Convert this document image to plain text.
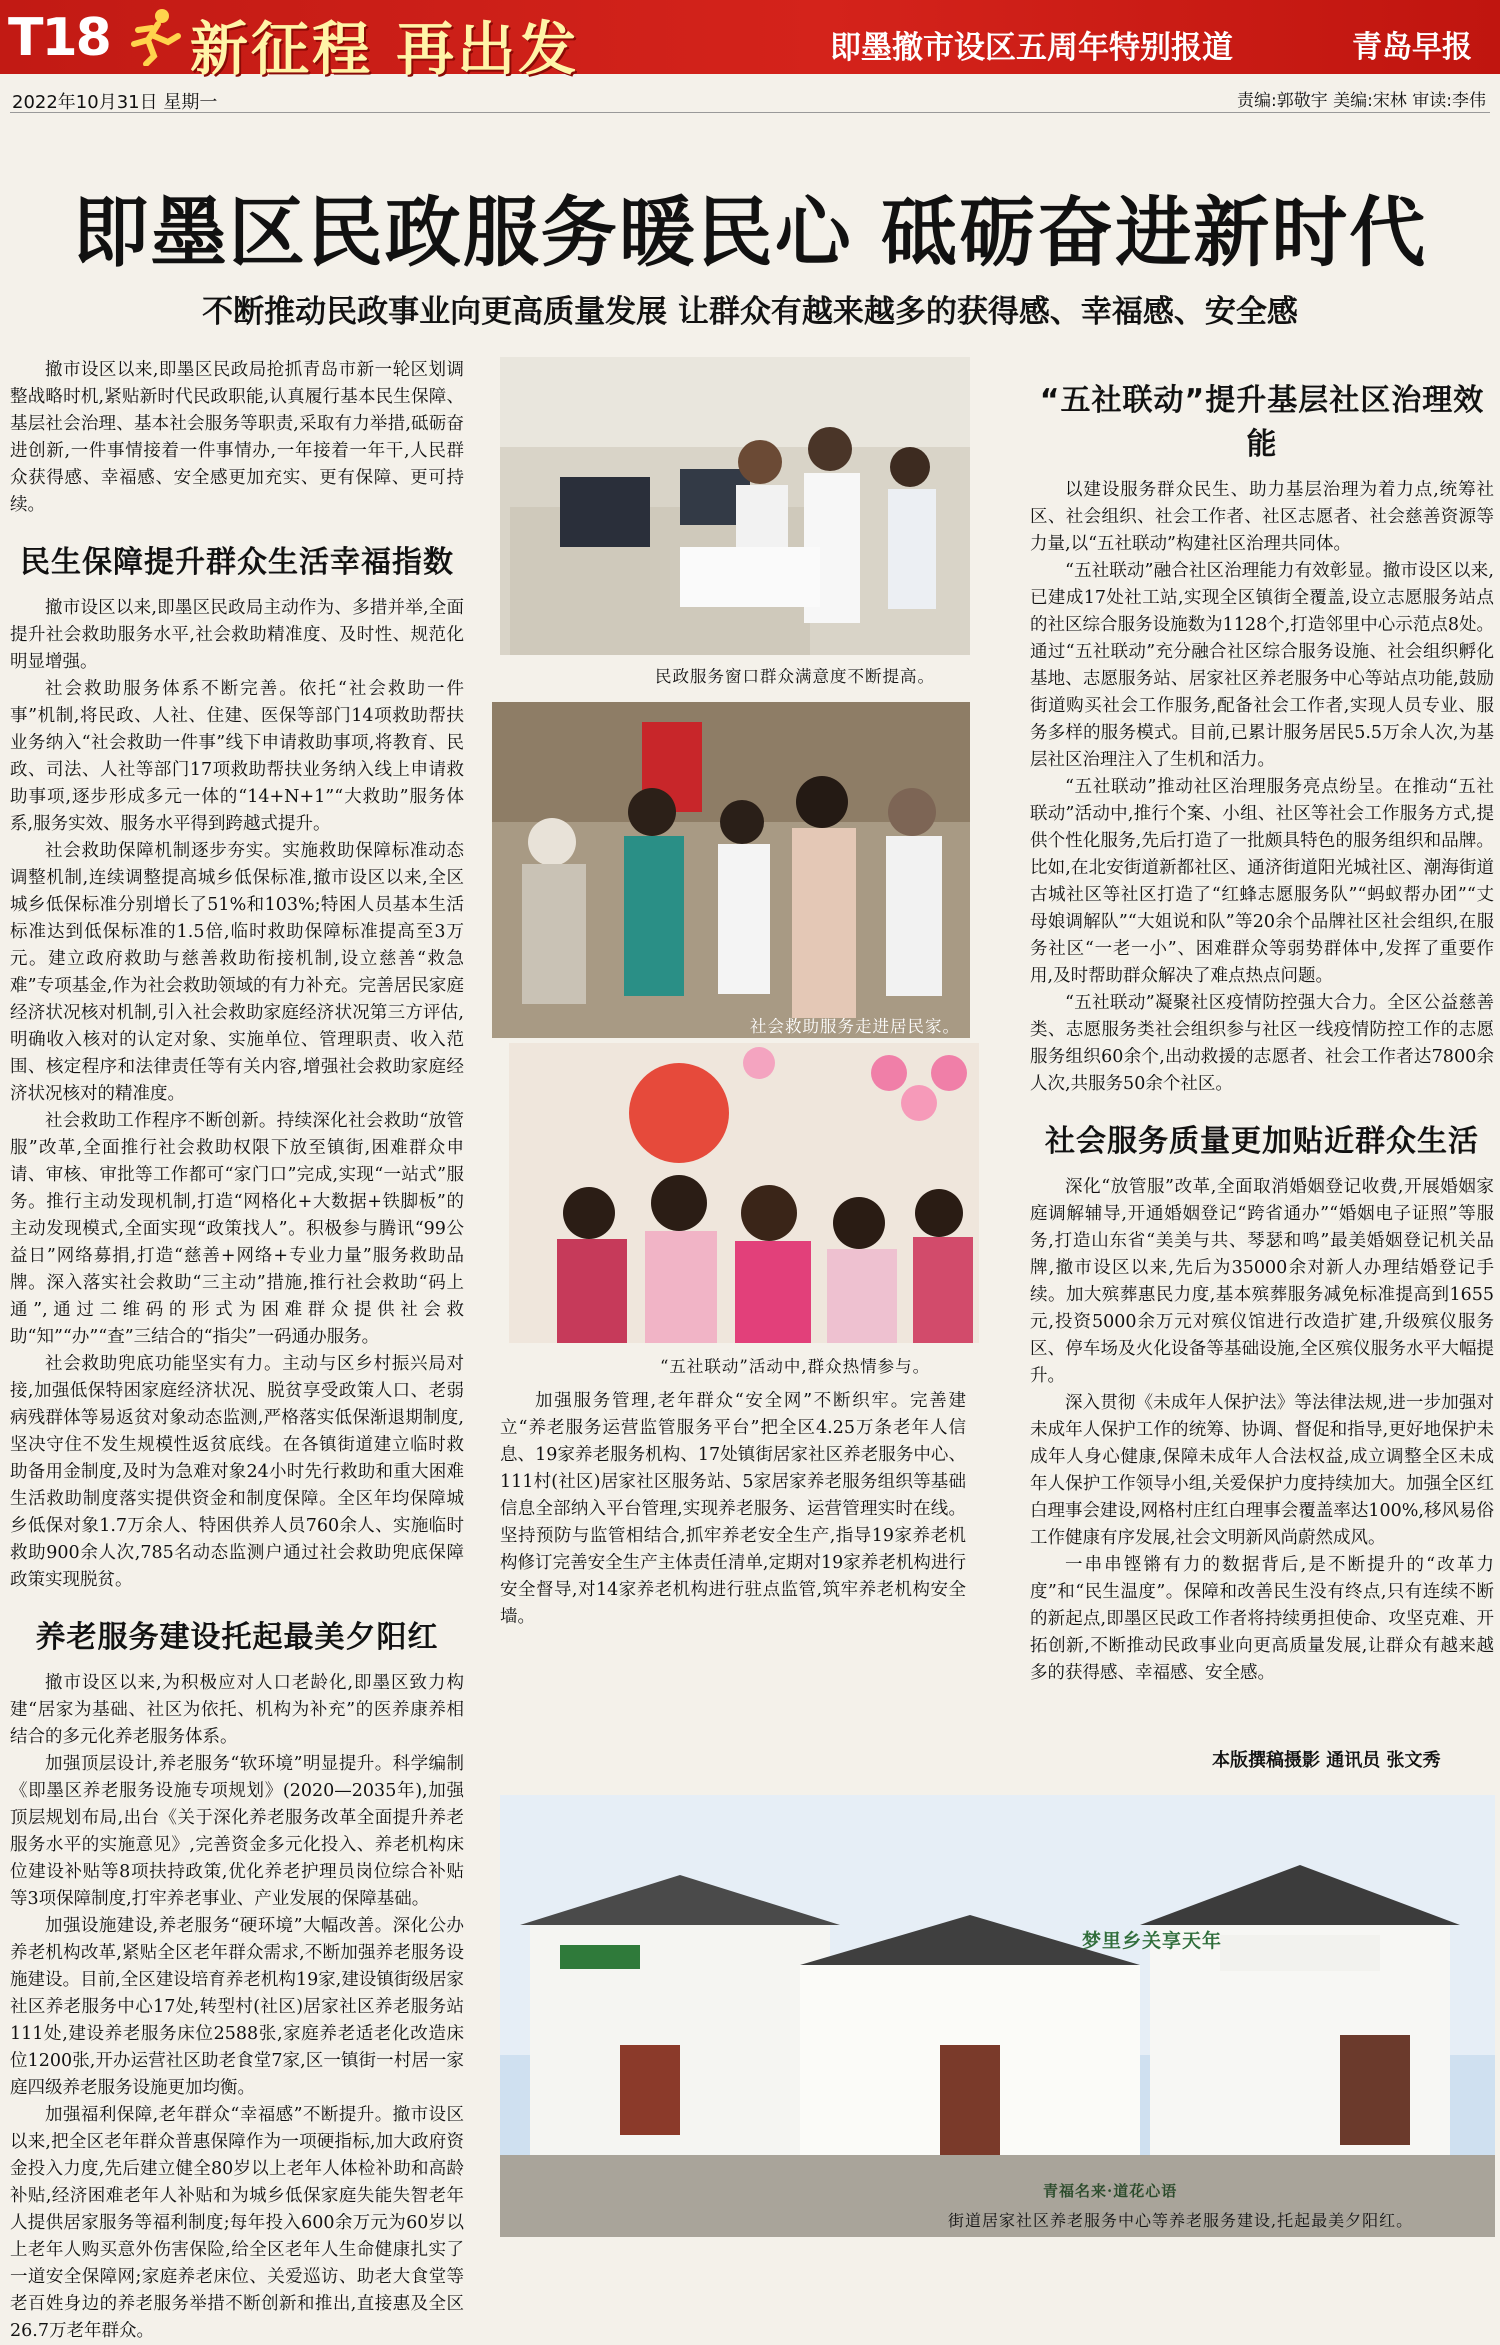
T18 新征程 再出发	即墨撤市设区五周年特别报道	青岛早报
2022年10月31日 星期一	责编:郭敬宇 美编:宋林 审读:李伟
即墨区民政服务暖民心 砥砺奋进新时代
不断推动民政事业向更高质量发展 让群众有越来越多的获得感、幸福感、安全感

撤市设区以来,即墨区民政局抢抓青岛市新一轮区划调整战略时机,紧贴新时代民政职能,认真履行基本民生保障、基层社会治理、基本社会服务等职责,采取有力举措,砥砺奋进创新,一件事情接着一件事情办,一年接着一年干,人民群众获得感、幸福感、安全感更加充实、更有保障、更可持续。

民生保障提升群众生活幸福指数

撤市设区以来,即墨区民政局主动作为、多措并举,全面提升社会救助服务水平,社会救助精准度、及时性、规范化明显增强。

社会救助服务体系不断完善。依托“社会救助一件事”机制,将民政、人社、住建、医保等部门14项救助帮扶业务纳入“社会救助一件事”线下申请救助事项,将教育、民政、司法、人社等部门17项救助帮扶业务纳入线上申请救助事项,逐步形成多元一体的“14+N+1”“大救助”服务体系,服务实效、服务水平得到跨越式提升。

社会救助保障机制逐步夯实。实施救助保障标准动态调整机制,连续调整提高城乡低保标准,撤市设区以来,全区城乡低保标准分别增长了51%和103%;特困人员基本生活标准达到低保标准的1.5倍,临时救助保障标准提高至3万元。建立政府救助与慈善救助衔接机制,设立慈善“救急难”专项基金,作为社会救助领域的有力补充。完善居民家庭经济状况核对机制,引入社会救助家庭经济状况第三方评估,明确收入核对的认定对象、实施单位、管理职责、收入范围、核定程序和法律责任等有关内容,增强社会救助家庭经济状况核对的精准度。

社会救助工作程序不断创新。持续深化社会救助“放管服”改革,全面推行社会救助权限下放至镇街,困难群众申请、审核、审批等工作都可“家门口”完成,实现“一站式”服务。推行主动发现机制,打造“网格化+大数据+铁脚板”的主动发现模式,全面实现“政策找人”。积极参与腾讯“99公益日”网络募捐,打造“慈善+网络+专业力量”服务救助品牌。深入落实社会救助“三主动”措施,推行社会救助“码上通”,通过二维码的形式为困难群众提供社会救助“知”“办”“查”三结合的“指尖”一码通办服务。

社会救助兜底功能坚实有力。主动与区乡村振兴局对接,加强低保特困家庭经济状况、脱贫享受政策人口、老弱病残群体等易返贫对象动态监测,严格落实低保渐退期制度,坚决守住不发生规模性返贫底线。在各镇街道建立临时救助备用金制度,及时为急难对象24小时先行救助和重大困难生活救助制度落实提供资金和制度保障。全区年均保障城乡低保对象1.7万余人、特困供养人员760余人、实施临时救助900余人次,785名动态监测户通过社会救助兜底保障政策实现脱贫。

养老服务建设托起最美夕阳红

撤市设区以来,为积极应对人口老龄化,即墨区致力构建“居家为基础、社区为依托、机构为补充”的医养康养相结合的多元化养老服务体系。

加强顶层设计,养老服务“软环境”明显提升。科学编制《即墨区养老服务设施专项规划》(2020—2035年),加强顶层规划布局,出台《关于深化养老服务改革全面提升养老服务水平的实施意见》,完善资金多元化投入、养老机构床位建设补贴等8项扶持政策,优化养老护理员岗位综合补贴等3项保障制度,打牢养老事业、产业发展的保障基础。

加强设施建设,养老服务“硬环境”大幅改善。深化公办养老机构改革,紧贴全区老年群众需求,不断加强养老服务设施建设。目前,全区建设培育养老机构19家,建设镇街级居家社区养老服务中心17处,转型村(社区)居家社区养老服务站111处,建设养老服务床位2588张,家庭养老适老化改造床位1200张,开办运营社区助老食堂7家,区一镇街一村居一家庭四级养老服务设施更加均衡。

加强福利保障,老年群众“幸福感”不断提升。撤市设区以来,把全区老年群众普惠保障作为一项硬指标,加大政府资金投入力度,先后建立健全80岁以上老年人体检补助和高龄补贴,经济困难老年人补贴和为城乡低保家庭失能失智老年人提供居家服务等福利制度;每年投入600余万元为60岁以上老年人购买意外伤害保险,给全区老年人生命健康扎实了一道安全保障网;家庭养老床位、关爱巡访、助老大食堂等老百姓身边的养老服务举措不断创新和推出,直接惠及全区26.7万老年群众。

民政服务窗口群众满意度不断提高。
社会救助服务走进居民家。
“五社联动”活动中,群众热情参与。

加强服务管理,老年群众“安全网”不断织牢。完善建立“养老服务运营监管服务平台”把全区4.25万条老年人信息、19家养老服务机构、17处镇街居家社区养老服务中心、111村(社区)居家社区服务站、5家居家养老服务组织等基础信息全部纳入平台管理,实现养老服务、运营管理实时在线。坚持预防与监管相结合,抓牢养老安全生产,指导19家养老机构修订完善安全生产主体责任清单,定期对19家养老机构进行安全督导,对14家养老机构进行驻点监管,筑牢养老机构安全墙。

“五社联动”提升基层社区治理效能

以建设服务群众民生、助力基层治理为着力点,统筹社区、社会组织、社会工作者、社区志愿者、社会慈善资源等力量,以“五社联动”构建社区治理共同体。

“五社联动”融合社区治理能力有效彰显。撤市设区以来,已建成17处社工站,实现全区镇街全覆盖,设立志愿服务站点的社区综合服务设施数为1128个,打造邻里中心示范点8处。通过“五社联动”充分融合社区综合服务设施、社会组织孵化基地、志愿服务站、居家社区养老服务中心等站点功能,鼓励街道购买社会工作服务,配备社会工作者,实现人员专业、服务多样的服务模式。目前,已累计服务居民5.5万余人次,为基层社区治理注入了生机和活力。

“五社联动”推动社区治理服务亮点纷呈。在推动“五社联动”活动中,推行个案、小组、社区等社会工作服务方式,提供个性化服务,先后打造了一批颇具特色的服务组织和品牌。比如,在北安街道新都社区、通济街道阳光城社区、潮海街道古城社区等社区打造了“红蜂志愿服务队”“蚂蚁帮办团”“丈母娘调解队”“大姐说和队”等20余个品牌社区社会组织,在服务社区“一老一小”、困难群众等弱势群体中,发挥了重要作用,及时帮助群众解决了难点热点问题。

“五社联动”凝聚社区疫情防控强大合力。全区公益慈善类、志愿服务类社会组织参与社区一线疫情防控工作的志愿服务组织60余个,出动救援的志愿者、社会工作者达7800余人次,共服务50余个社区。

社会服务质量更加贴近群众生活

深化“放管服”改革,全面取消婚姻登记收费,开展婚姻家庭调解辅导,开通婚姻登记“跨省通办”“婚姻电子证照”等服务,打造山东省“美美与共、琴瑟和鸣”最美婚姻登记机关品牌,撤市设区以来,先后为35000余对新人办理结婚登记手续。加大殡葬惠民力度,基本殡葬服务减免标准提高到1655元,投资5000余万元对殡仪馆进行改造扩建,升级殡仪服务区、停车场及火化设备等基础设施,全区殡仪服务水平大幅提升。

深入贯彻《未成年人保护法》等法律法规,进一步加强对未成年人保护工作的统筹、协调、督促和指导,更好地保护未成年人身心健康,保障未成年人合法权益,成立调整全区未成年人保护工作领导小组,关爱保护力度持续加大。加强全区红白理事会建设,网格村庄红白理事会覆盖率达100%,移风易俗工作健康有序发展,社会文明新风尚蔚然成风。

一串串铿锵有力的数据背后,是不断提升的“改革力度”和“民生温度”。保障和改善民生没有终点,只有连续不断的新起点,即墨区民政工作者将持续勇担使命、攻坚克难、开拓创新,不断推动民政事业向更高质量发展,让群众有越来越多的获得感、幸福感、安全感。

本版撰稿摄影 通讯员 张文秀
梦里乡关享天年
青福名来·道花心语
街道居家社区养老服务中心等养老服务建设,托起最美夕阳红。
